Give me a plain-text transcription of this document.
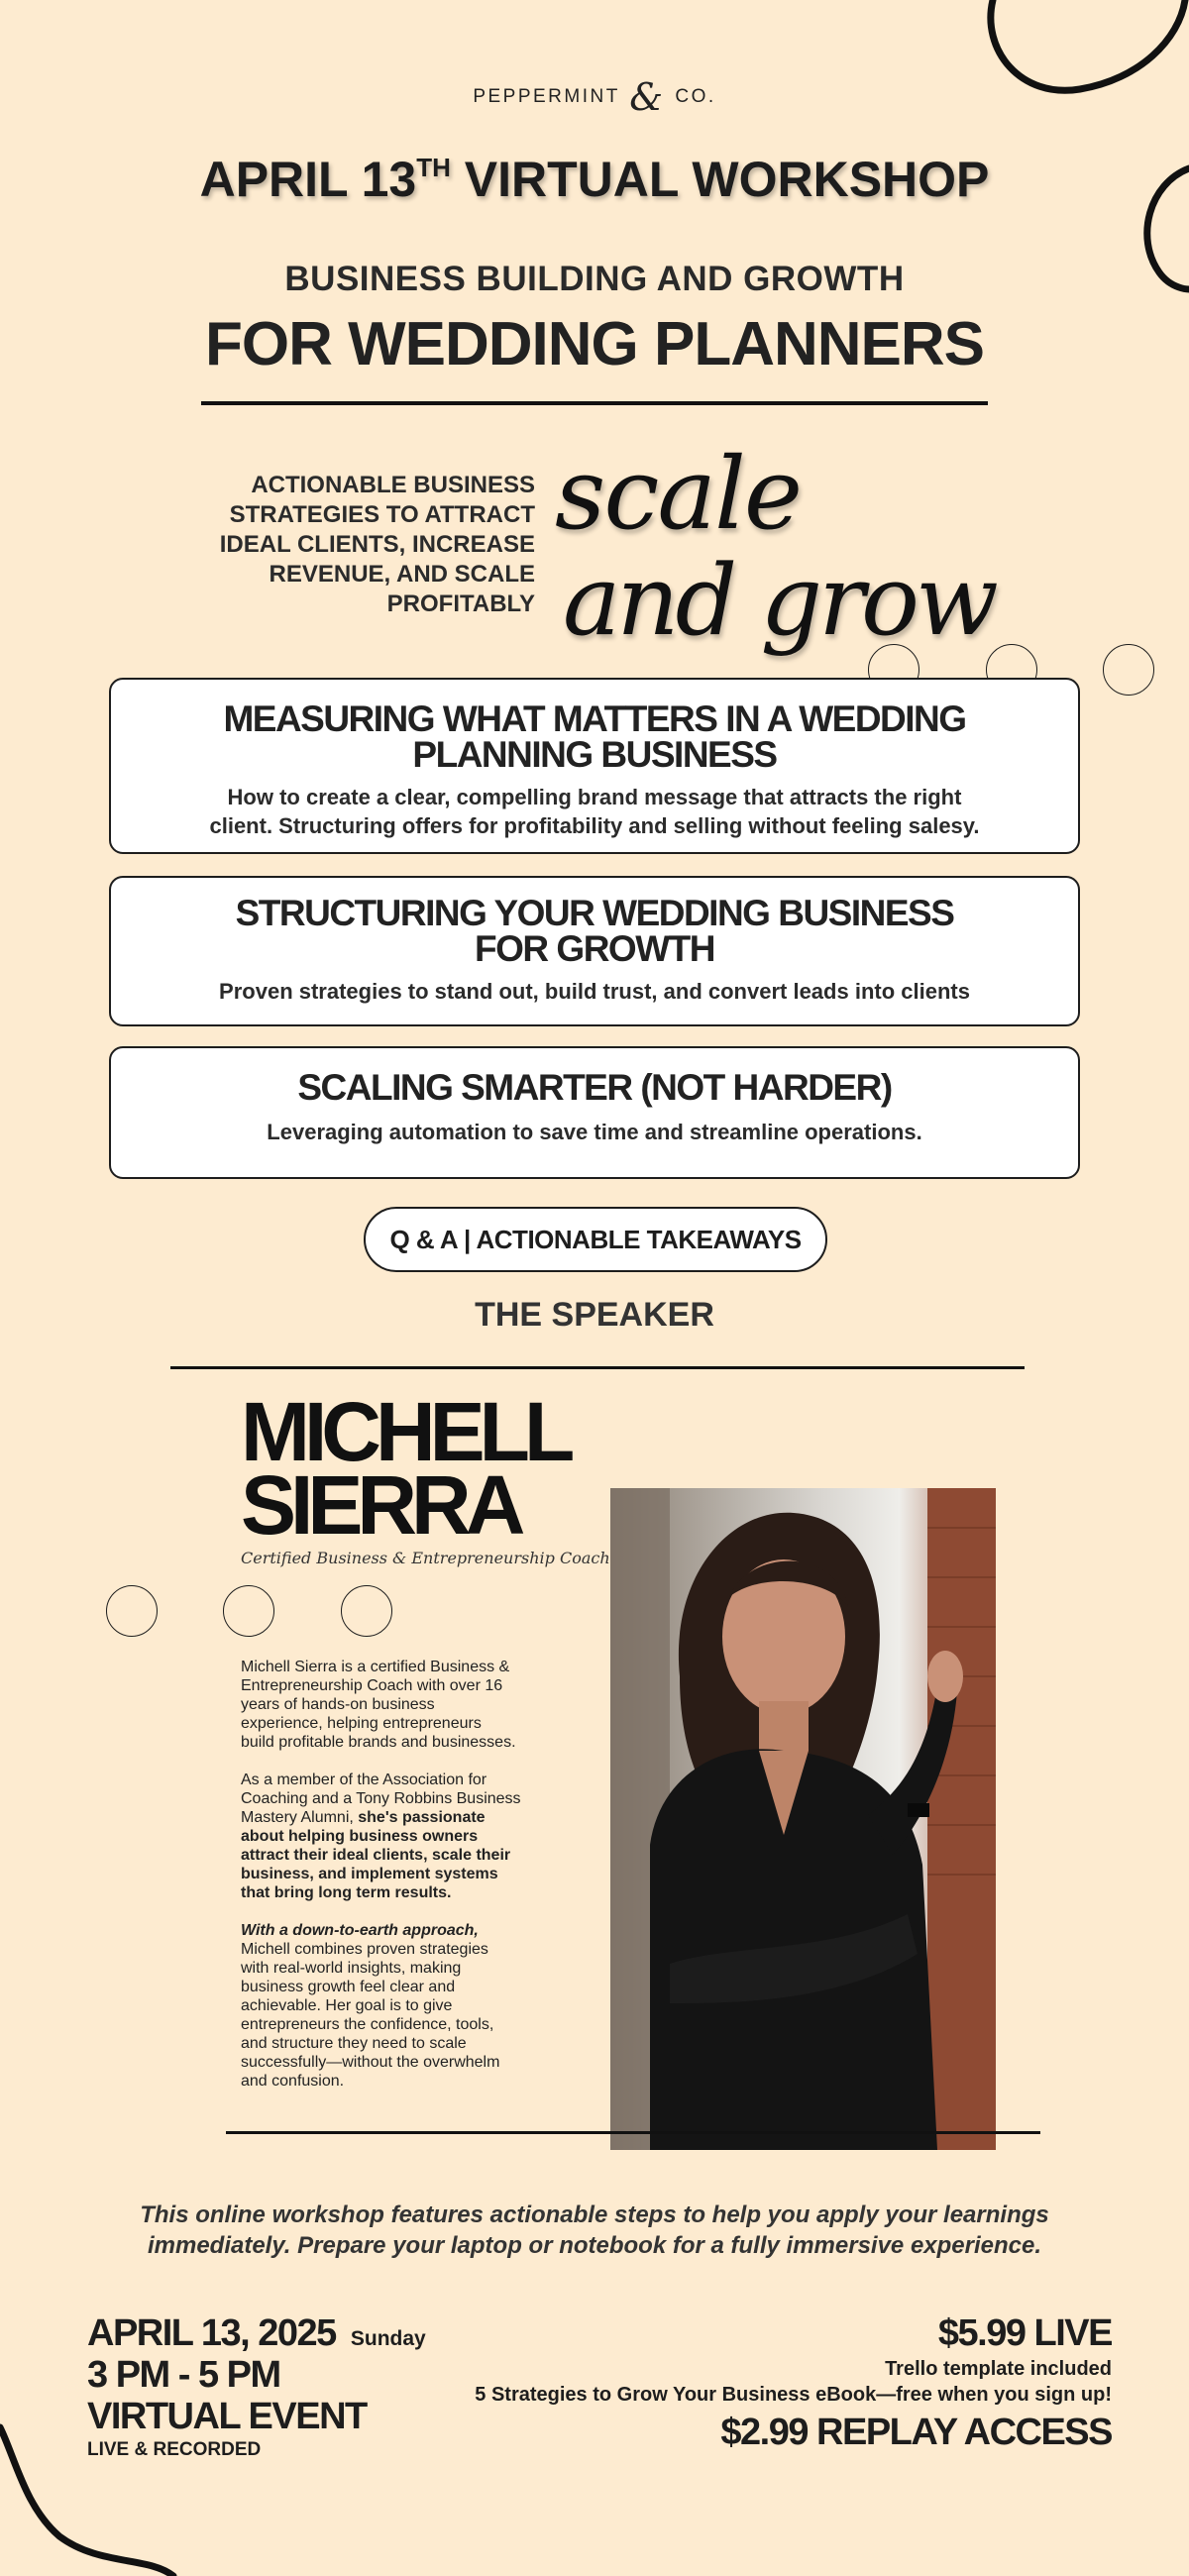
PEPPERMINT & CO.
APRIL 13TH VIRTUAL WORKSHOP
BUSINESS BUILDING AND GROWTH
FOR WEDDING PLANNERS
ACTIONABLE BUSINESS
STRATEGIES TO ATTRACT
IDEAL CLIENTS, INCREASE
REVENUE, AND SCALE
PROFITABLY
scale
and grow
MEASURING WHAT MATTERS IN A WEDDING
PLANNING BUSINESS

How to create a clear, compelling brand message that attracts the right
client. Structuring offers for profitability and selling without feeling salesy.

STRUCTURING YOUR WEDDING BUSINESS
FOR GROWTH

Proven strategies to stand out, build trust, and convert leads into clients

SCALING SMARTER (NOT HARDER)

Leveraging automation to save time and streamline operations.

Q & A | ACTIONABLE TAKEAWAYS
THE SPEAKER
MICHELL
SIERRA
Certified Business & Entrepreneurship Coach

Michell Sierra is a certified Business &
Entrepreneurship Coach with over 16
years of hands-on business
experience, helping entrepreneurs
build profitable brands and businesses.

As a member of the Association for
Coaching and a Tony Robbins Business
Mastery Alumni, she's passionate
about helping business owners
attract their ideal clients, scale their
business, and implement systems
that bring long term results.

With a down-to-earth approach,
Michell combines proven strategies
with real-world insights, making
business growth feel clear and
achievable. Her goal is to give
entrepreneurs the confidence, tools,
and structure they need to scale
successfully—without the overwhelm
and confusion.

This online workshop features actionable steps to help you apply your learnings
immediately. Prepare your laptop or notebook for a fully immersive experience.
APRIL 13, 2025 Sunday
3 PM - 5 PM
VIRTUAL EVENT
LIVE & RECORDED
$5.99 LIVE
Trello template included
5 Strategies to Grow Your Business eBook—free when you sign up!
$2.99 REPLAY ACCESS
